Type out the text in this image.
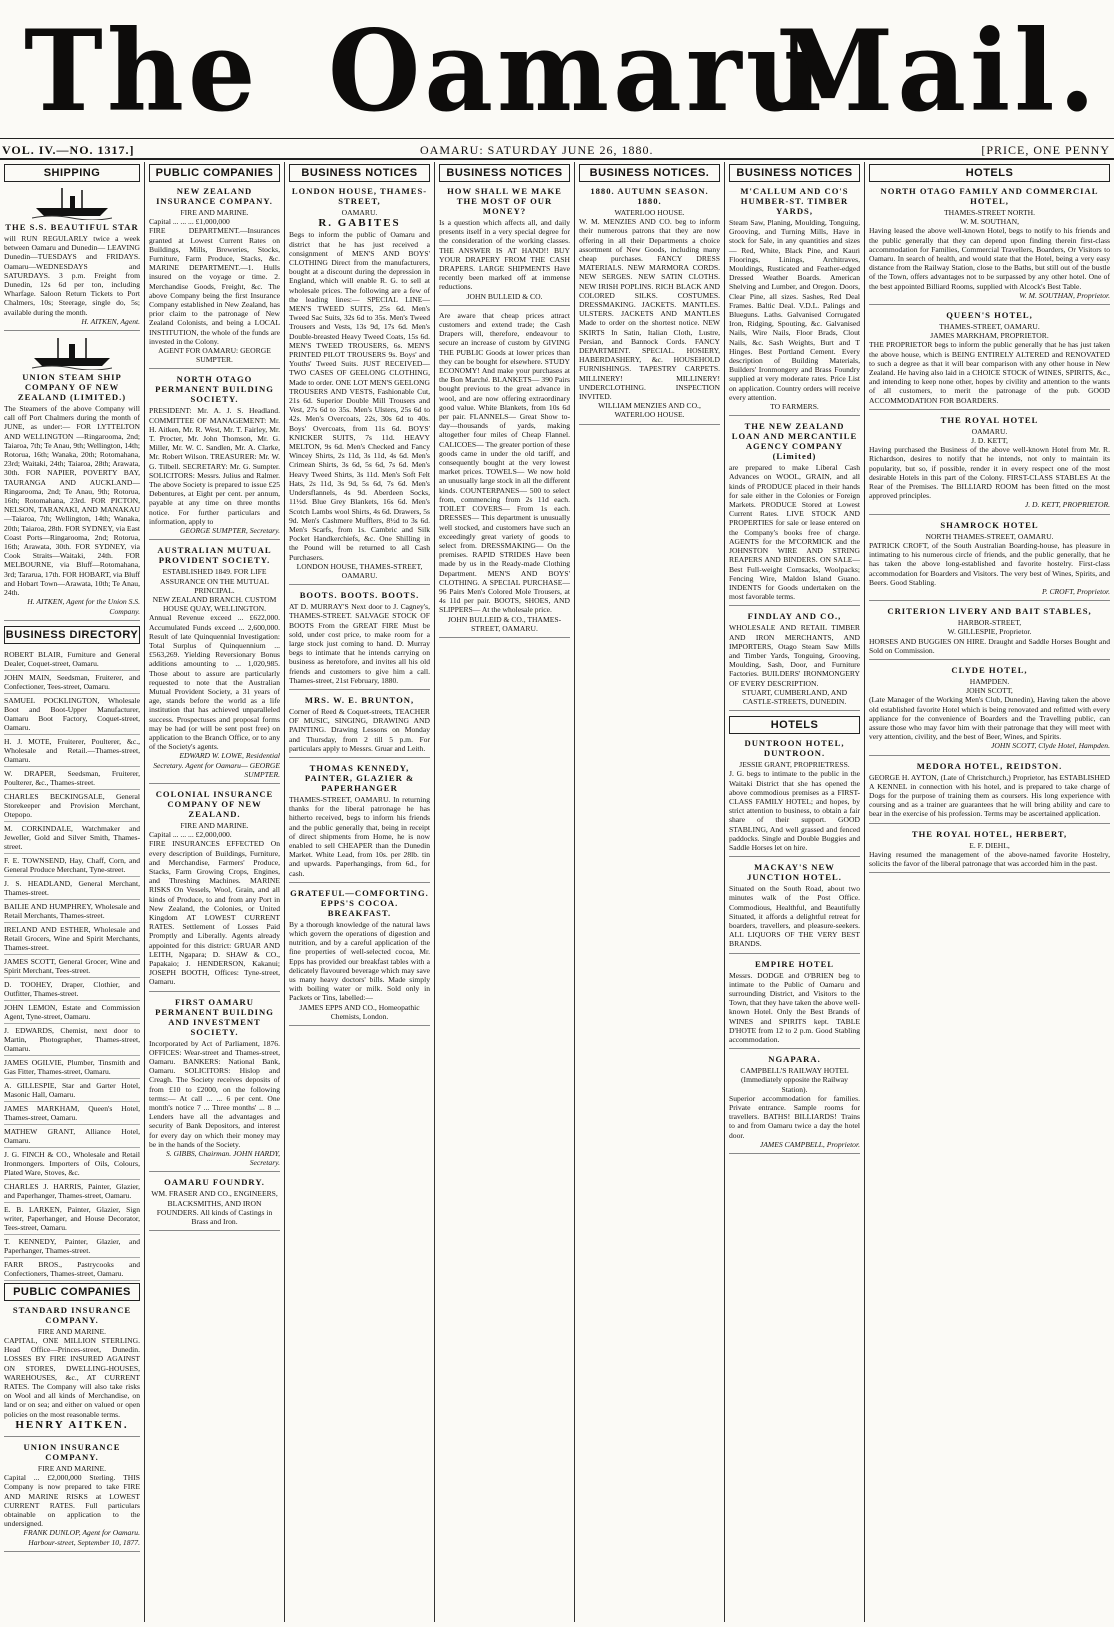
The Oamaru
Mail.
VOL. IV.—NO. 1317.]	OAMARU: SATURDAY JUNE 26, 1880.	[PRICE, ONE PENNY
SHIPPING
THE S.S. BEAUTIFUL STAR

will RUN REGULARLY twice a week between Oamaru and Dunedin— LEAVING Dunedin—TUESDAYS and FRIDAYS. Oamaru—WEDNESDAYS and SATURDAYS. 3 p.m. Freight from Dunedin, 12s 6d per ton, including Wharfage. Saloon Return Tickets to Port Chalmers, 10s; Steerage, single do, 5s; available during the month.

H. AITKEN, Agent.

UNION STEAM SHIP COMPANY OF NEW ZEALAND (LIMITED.)

The Steamers of the above Company will call off Port Chalmers during the month of JUNE, as under:— FOR LYTTELTON AND WELLINGTON —Ringarooma, 2nd; Taiaroa, 7th; Te Anau, 9th; Wellington, 14th; Rotorua, 16th; Wanaka, 20th; Rotomahana, 23rd; Waitaki, 24th; Taiaroa, 28th; Arawata, 30th. FOR NAPIER, POVERTY BAY, TAURANGA AND AUCKLAND—Ringarooma, 2nd; Te Anau, 9th; Rotorua, 16th; Rotomahana, 23rd. FOR PICTON, NELSON, TARANAKI, AND MANAKAU—Taiaroa, 7th; Wellington, 14th; Wanaka, 20th; Taiaroa, 28th. FOR SYDNEY, via East Coast Ports—Ringarooma, 2nd; Rotorua, 16th; Arawata, 30th. FOR SYDNEY, via Cook Straits—Waitaki, 24th. FOR MELBOURNE, via Bluff—Rotomahana, 3rd; Tararua, 17th. FOR HOBART, via Bluff and Hobart Town—Arawata, 10th; Te Anau, 24th.

H. AITKEN, Agent for the Union S.S. Company.

BUSINESS DIRECTORY
ROBERT BLAIR, Furniture and General Dealer, Coquet-street, Oamaru.
JOHN MAIN, Seedsman, Fruiterer, and Confectioner, Tees-street, Oamaru.
SAMUEL POCKLINGTON, Wholesale Boot and Boot-Upper Manufacturer, Oamaru Boot Factory, Coquet-street, Oamaru.
H. J. MOTE, Fruiterer, Poulterer, &c., Wholesale and Retail.—Thames-street, Oamaru.
W. DRAPER, Seedsman, Fruiterer, Poulterer, &c., Thames-street.
CHARLES BECKINGSALE, General Storekeeper and Provision Merchant, Otepopo.
M. CORKINDALE, Watchmaker and Jeweller, Gold and Silver Smith, Thames-street.
F. E. TOWNSEND, Hay, Chaff, Corn, and General Produce Merchant, Tyne-street.
J. S. HEADLAND, General Merchant, Thames-street.
BAILIE AND HUMPHREY, Wholesale and Retail Merchants, Thames-street.
IRELAND AND ESTHER, Wholesale and Retail Grocers, Wine and Spirit Merchants, Thames-street.
JAMES SCOTT, General Grocer, Wine and Spirit Merchant, Tees-street.
D. TOOHEY, Draper, Clothier, and Outfitter, Thames-street.
JOHN LEMON, Estate and Commission Agent, Tyne-street, Oamaru.
J. EDWARDS, Chemist, next door to Martin, Photographer, Thames-street, Oamaru.
JAMES OGILVIE, Plumber, Tinsmith and Gas Fitter, Thames-street, Oamaru.
A. GILLESPIE, Star and Garter Hotel, Masonic Hall, Oamaru.
JAMES MARKHAM, Queen's Hotel, Thames-street, Oamaru.
MATHEW GRANT, Alliance Hotel, Oamaru.
J. G. FINCH & CO., Wholesale and Retail Ironmongers. Importers of Oils, Colours, Plated Ware, Stoves, &c.
CHARLES J. HARRIS, Painter, Glazier, and Paperhanger, Thames-street, Oamaru.
E. B. LARKEN, Painter, Glazier, Sign writer, Paperhanger, and House Decorator, Tees-street, Oamaru.
T. KENNEDY, Painter, Glazier, and Paperhanger, Thames-street.
FARR BROS., Pastrycooks and Confectioners, Thames-street, Oamaru.
PUBLIC COMPANIES
STANDARD INSURANCE COMPANY.

FIRE AND MARINE.

CAPITAL, ONE MILLION STERLING. Head Office—Princes-street, Dunedin. LOSSES BY FIRE INSURED AGAINST ON STORES, DWELLING-HOUSES, WAREHOUSES, &c., AT CURRENT RATES. The Company will also take risks on Wool and all kinds of Merchandise, on land or on sea; and either on valued or open policies on the most reasonable terms.

HENRY AITKEN.

UNION INSURANCE COMPANY.

FIRE AND MARINE.

Capital ... £2,000,000 Sterling. THIS Company is now prepared to take FIRE AND MARINE RISKS at LOWEST CURRENT RATES. Full particulars obtainable on application to the undersigned.

FRANK DUNLOP, Agent for Oamaru. Harbour-street, September 10, 1877.

PUBLIC COMPANIES
NEW ZEALAND INSURANCE COMPANY.

FIRE AND MARINE.

Capital ... ... ... £1,000,000

FIRE DEPARTMENT.—Insurances granted at Lowest Current Rates on Buildings, Mills, Breweries, Stocks, Furniture, Farm Produce, Stacks, &c. MARINE DEPARTMENT.—1. Hulls insured on the voyage or time. 2. Merchandise Goods, Freight, &c. The above Company being the first Insurance Company established in New Zealand, has prior claim to the patronage of New Zealand Colonists, and being a LOCAL INSTITUTION, the whole of the funds are invested in the Colony.

AGENT FOR OAMARU: GEORGE SUMPTER.

NORTH OTAGO PERMANENT BUILDING SOCIETY.

PRESIDENT: Mr. A. J. S. Headland. COMMITTEE OF MANAGEMENT: Mr. H. Aitken, Mr. R. West, Mr. T. Fairley, Mr. T. Procter, Mr. John Thomson, Mr. G. Miller, Mr. W. C. Sandlen, Mr. A. Clarke, Mr. Robert Wilson. TREASURER: Mr. W. G. Tilbell. SECRETARY: Mr. G. Sumpter. SOLICITORS: Messrs. Julius and Ralmer. The above Society is prepared to issue £25 Debentures, at Eight per cent. per annum, payable at any time on three months notice. For further particulars and information, apply to

GEORGE SUMPTER, Secretary.

AUSTRALIAN MUTUAL PROVIDENT SOCIETY.

ESTABLISHED 1849. FOR LIFE ASSURANCE ON THE MUTUAL PRINCIPAL.

NEW ZEALAND BRANCH. CUSTOM HOUSE QUAY, WELLINGTON.

Annual Revenue exceed ... £622,000. Accumulated Funds exceed ... 2,600,000. Result of late Quinquennial Investigation: Total Surplus of Quinquennium ... £563,269. Yielding Reversionary Bonus additions amounting to ... 1,020,985. Those about to assure are particularly requested to note that the Australian Mutual Provident Society, a 31 years of age, stands before the world as a life institution that has achieved unparalleled success. Prospectuses and proposal forms may be had (or will be sent post free) on application to the Branch Office, or to any of the Society's agents.

EDWARD W. LOWE, Residential Secretary. Agent for Oamaru— GEORGE SUMPTER.

COLONIAL INSURANCE COMPANY OF NEW ZEALAND.

FIRE AND MARINE.

Capital ... ... ... £2,000,000.

FIRE INSURANCES EFFECTED On every description of Buildings, Furniture, and Merchandise, Farmers' Produce, Stacks, Farm Growing Crops, Engines, and Threshing Machines. MARINE RISKS On Vessels, Wool, Grain, and all kinds of Produce, to and from any Port in New Zealand, the Colonies, or United Kingdom AT LOWEST CURRENT RATES. Settlement of Losses Paid Promptly and Liberally. Agents already appointed for this district: GRUAR AND LEITH, Ngapara; D. SHAW & CO., Papakaio; J. HENDERSON, Kakanui; JOSEPH BOOTH, Offices: Tyne-street, Oamaru.

FIRST OAMARU PERMANENT BUILDING AND INVESTMENT SOCIETY.

Incorporated by Act of Parliament, 1876. OFFICES: Wear-street and Thames-street, Oamaru. BANKERS: National Bank, Oamaru. SOLICITORS: Hislop and Creagh. The Society receives deposits of from £10 to £2000, on the following terms:— At call ... ... 6 per cent. One month's notice 7 ... Three months' ... 8 ... Lenders have all the advantages and security of Bank Depositors, and interest for every day on which their money may be in the hands of the Society.

S. GIBBS, Chairman. JOHN HARDY, Secretary.

OAMARU FOUNDRY.

WM. FRASER AND CO., ENGINEERS, BLACKSMITHS, AND IRON FOUNDERS. All kinds of Castings in Brass and Iron.

BUSINESS NOTICES
LONDON HOUSE, THAMES-STREET,

OAMARU.

R. GABITES

Begs to inform the public of Oamaru and district that he has just received a consignment of MEN'S AND BOYS' CLOTHING Direct from the manufacturers, bought at a discount during the depression in England, which will enable R. G. to sell at wholesale prices. The following are a few of the leading lines:— SPECIAL LINE— MEN'S TWEED SUITS, 25s 6d. Men's Tweed Sac Suits, 32s 6d to 35s. Men's Tweed Trousers and Vests, 13s 9d, 17s 6d. Men's Double-breasted Heavy Tweed Coats, 15s 6d. MEN'S TWEED TROUSERS, 6s. MEN'S PRINTED PILOT TROUSERS 9s. Boys' and Youths' Tweed Suits. JUST RECEIVED— TWO CASES OF GEELONG CLOTHING, Made to order. ONE LOT MEN'S GEELONG TROUSERS AND VESTS, Fashionable Cut, 21s 6d. Superior Double Mill Trousers and Vest, 27s 6d to 35s. Men's Ulsters, 25s 6d to 42s. Men's Overcoats, 22s, 30s 6d to 40s. Boys' Overcoats, from 11s 6d. BOYS' KNICKER SUITS, 7s 11d. HEAVY MELTON, 9s 6d. Men's Checked and Fancy Wincey Shirts, 2s 11d, 3s 11d, 4s 6d. Men's Crimean Shirts, 3s 6d, 5s 6d, 7s 6d. Men's Heavy Tweed Shirts, 3s 11d. Men's Soft Felt Hats, 2s 11d, 3s 9d, 5s 6d, 7s 6d. Men's Undersflannels, 4s 9d. Aberdeen Socks, 11½d. Blue Grey Blankets, 16s 6d. Men's Scotch Lambs wool Shirts, 4s 6d. Drawers, 5s 9d. Men's Cashmere Mufflers, 8½d to 3s 6d. Men's Scarfs, from 1s. Cambric and Silk Pocket Handkerchiefs, &c. One Shilling in the Pound will be returned to all Cash Purchasers.

LONDON HOUSE, THAMES-STREET, OAMARU.

BOOTS. BOOTS. BOOTS.

AT D. MURRAY'S Next door to J. Cagney's, THAMES-STREET. SALVAGE STOCK OF BOOTS From the GREAT FIRE Must be sold, under cost price, to make room for a large stock just coming to hand. D. Murray begs to intimate that he intends carrying on business as heretofore, and invites all his old friends and customers to give him a call. Thames-street, 21st February, 1880.

MRS. W. E. BRUNTON,

Corner of Reed & Coquet-streets, TEACHER OF MUSIC, SINGING, DRAWING AND PAINTING. Drawing Lessons on Monday and Thursday, from 2 till 5 p.m. For particulars apply to Messrs. Gruar and Leith.

THOMAS KENNEDY, PAINTER, GLAZIER & PAPERHANGER

THAMES-STREET, OAMARU. In returning thanks for the liberal patronage he has hitherto received, begs to inform his friends and the public generally that, being in receipt of direct shipments from Home, he is now enabled to sell CHEAPER than the Dunedin Market. White Lead, from 10s. per 28lb. tin and upwards. Paperhangings, from 6d., for cash.

GRATEFUL—COMFORTING. EPPS'S COCOA. BREAKFAST.

By a thorough knowledge of the natural laws which govern the operations of digestion and nutrition, and by a careful application of the fine properties of well-selected cocoa, Mr. Epps has provided our breakfast tables with a delicately flavoured beverage which may save us many heavy doctors' bills. Made simply with boiling water or milk. Sold only in Packets or Tins, labelled:—

JAMES EPPS AND CO., Homeopathic Chemists, London.

BUSINESS NOTICES
HOW SHALL WE MAKE THE MOST OF OUR MONEY?

Is a question which affects all, and daily presents itself in a very special degree for the consideration of the working classes. THE ANSWER IS AT HAND!! BUY YOUR DRAPERY FROM THE CASH DRAPERS. LARGE SHIPMENTS Have recently been marked off at immense reductions.

JOHN BULLEID & CO.

Are aware that cheap prices attract customers and extend trade; the Cash Drapers will, therefore, endeavour to secure an increase of custom by GIVING THE PUBLIC Goods at lower prices than they can be bought for elsewhere. STUDY ECONOMY! And make your purchases at the Bon Marché. BLANKETS— 390 Pairs bought previous to the great advance in wool, and are now offering extraordinary good value. White Blankets, from 10s 6d per pair. FLANNELS— Great Show to-day—thousands of yards, making altogether four miles of Cheap Flannel. CALICOES— The greater portion of these goods came in under the old tariff, and consequently bought at the very lowest market prices. TOWELS— We now hold an unusually large stock in all the different kinds. COUNTERPANES— 500 to select from, commencing from 2s 11d each. TOILET COVERS— From 1s each. DRESSES— This department is unusually well stocked, and customers have such an exceedingly great variety of goods to select from. DRESSMAKING— On the premises. RAPID STRIDES Have been made by us in the Ready-made Clothing Department. MEN'S AND BOYS' CLOTHING. A SPECIAL PURCHASE— 96 Pairs Men's Colored Mole Trousers, at 4s 11d per pair. BOOTS, SHOES, AND SLIPPERS— At the wholesale price.

JOHN BULLEID & CO., THAMES-STREET, OAMARU.

BUSINESS NOTICES.
1880. AUTUMN SEASON. 1880.

WATERLOO HOUSE.

W. M. MENZIES AND CO. beg to inform their numerous patrons that they are now offering in all their Departments a choice assortment of New Goods, including many cheap purchases. FANCY DRESS MATERIALS. NEW MARMORA CORDS. NEW SERGES. NEW SATIN CLOTHS. NEW IRISH POPLINS. RICH BLACK AND COLORED SILKS. COSTUMES. DRESSMAKING. JACKETS. MANTLES. ULSTERS. JACKETS AND MANTLES Made to order on the shortest notice. NEW SKIRTS In Satin, Italian Cloth, Lustre, Persian, and Bannock Cords. FANCY DEPARTMENT. SPECIAL. HOSIERY, HABERDASHERY, &c. HOUSEHOLD FURNISHINGS. TAPESTRY CARPETS. MILLINERY! MILLINERY! UNDERCLOTHING. INSPECTION INVITED.

WILLIAM MENZIES AND CO., WATERLOO HOUSE.

BUSINESS NOTICES
M'CALLUM AND CO'S HUMBER-ST. TIMBER YARDS,

Steam Saw, Planing, Moulding, Tonguing, Grooving, and Turning Mills, Have in stock for Sale, in any quantities and sizes— Red, White, Black Pine, and Kauri Floorings, Linings, Architraves, Mouldings, Rusticated and Feather-edged Dressed Weather Boards. American Shelving and Lumber, and Oregon. Doors, Clear Pine, all sizes. Sashes, Red Deal Frames. Baltic Deal. V.D.L. Palings and Blueguns. Laths. Galvanised Corrugated Iron, Ridging, Spouting, &c. Galvanised Nails, Wire Nails, Floor Brads, Clout Nails, &c. Sash Weights, Burt and T Hinges. Best Portland Cement. Every description of Building Materials, Builders' Ironmongery and Brass Foundry supplied at very moderate rates. Price List on application. Country orders will receive every attention.

TO FARMERS.

THE NEW ZEALAND LOAN AND MERCANTILE AGENCY COMPANY (Limited)

are prepared to make Liberal Cash Advances on WOOL, GRAIN, and all kinds of PRODUCE placed in their hands for sale either in the Colonies or Foreign Markets. PRODUCE Stored at Lowest Current Rates. LIVE STOCK AND PROPERTIES for sale or lease entered on the Company's books free of charge. AGENTS for the M'CORMICK and the JOHNSTON WIRE AND STRING REAPERS AND BINDERS. ON SALE—Best Full-weight Cornsacks, Woolpacks; Fencing Wire, Maldon Island Guano. INDENTS for Goods undertaken on the most favorable terms.

FINDLAY AND CO.,

WHOLESALE AND RETAIL TIMBER AND IRON MERCHANTS, AND IMPORTERS, Otago Steam Saw Mills and Timber Yards, Tonguing, Grooving, Moulding, Sash, Door, and Furniture Factories. BUILDERS' IRONMONGERY OF EVERY DESCRIPTION.

STUART, CUMBERLAND, AND CASTLE-STREETS, DUNEDIN.

HOTELS
DUNTROON HOTEL, DUNTROON.

JESSIE GRANT, PROPRIETRESS.

J. G. begs to intimate to the public in the Waitaki District that she has opened the above commodious premises as a FIRST-CLASS FAMILY HOTEL; and hopes, by strict attention to business, to obtain a fair share of their support. GOOD STABLING, And well grassed and fenced paddocks. Single and Double Buggies and Saddle Horses let on hire.

MACKAY'S NEW JUNCTION HOTEL.

Situated on the South Road, about two minutes walk of the Post Office. Commodious, Healthful, and Beautifully Situated, it affords a delightful retreat for boarders, travellers, and pleasure-seekers. ALL LIQUORS OF THE VERY BEST BRANDS.

EMPIRE HOTEL

Messrs. DODGE and O'BRIEN beg to intimate to the Public of Oamaru and surrounding District, and Visitors to the Town, that they have taken the above well-known Hotel. Only the Best Brands of WINES and SPIRITS kept. TABLE D'HOTE from 12 to 2 p.m. Good Stabling accommodation.

NGAPARA.

CAMPBELL'S RAILWAY HOTEL (Immediately opposite the Railway Station).

Superior accommodation for families. Private entrance. Sample rooms for travellers. BATHS! BILLIARDS! Trains to and from Oamaru twice a day the hotel door.

JAMES CAMPBELL, Proprietor.

HOTELS
NORTH OTAGO FAMILY AND COMMERCIAL HOTEL,

THAMES-STREET NORTH.

W. M. SOUTHAN,

Having leased the above well-known Hotel, begs to notify to his friends and the public generally that they can depend upon finding therein first-class accommodation for Families, Commercial Travellers, Boarders, Or Visitors to Oamaru. In search of health, and would state that the Hotel, being a very easy distance from the Railway Station, close to the Baths, but still out of the bustle of the Town, offers advantages not to be surpassed by any other hotel. One of the best appointed Billiard Rooms, supplied with Alcock's Best Table.

W. M. SOUTHAN, Proprietor.

QUEEN'S HOTEL,

THAMES-STREET, OAMARU.

JAMES MARKHAM, PROPRIETOR.

THE PROPRIETOR begs to inform the public generally that he has just taken the above house, which is BEING ENTIRELY ALTERED and RENOVATED to such a degree as that it will bear comparison with any other house in New Zealand. He having also laid in a CHOICE STOCK of WINES, SPIRITS, &c., and intending to keep none other, hopes by civility and attention to the wants of all customers, to merit the patronage of the pub. GOOD ACCOMMODATION FOR BOARDERS.

THE ROYAL HOTEL

OAMARU.

J. D. KETT,

Having purchased the Business of the above well-known Hotel from Mr. R. Richardson, desires to notify that he intends, not only to maintain its popularity, but so, if possible, render it in every respect one of the most desirable Hotels in this part of the Colony. FIRST-CLASS STABLES At the Rear of the Premises. The BILLIARD ROOM has been fitted on the most approved principles.

J. D. KETT, PROPRIETOR.

SHAMROCK HOTEL

NORTH THAMES-STREET, OAMARU.

PATRICK CROFT, of the South Australian Boarding-house, has pleasure in intimating to his numerous circle of friends, and the public generally, that he has taken the above long-established and favorite hostelry. First-class accommodation for Boarders and Visitors. The very best of Wines, Spirits, and Beers. Good Stabling.

P. CROFT, Proprietor.

CRITERION LIVERY AND BAIT STABLES,

HARBOR-STREET,

W. GILLESPIE, Proprietor.

HORSES AND BUGGIES ON HIRE. Draught and Saddle Horses Bought and Sold on Commission.

CLYDE HOTEL,

HAMPDEN.

JOHN SCOTT,

(Late Manager of the Working Men's Club, Dunedin), Having taken the above old established favorite Hotel which is being renovated and refitted with every appliance for the convenience of Boarders and the Travelling public, can assure those who may favor him with their patronage that they will meet with very attention, civility, and the best of Beer, Wines, and Spirits.

JOHN SCOTT, Clyde Hotel, Hampden.

MEDORA HOTEL, REIDSTON.

GEORGE H. AYTON, (Late of Christchurch,) Proprietor, has ESTABLISHED A KENNEL in connection with his hotel, and is prepared to take charge of Dogs for the purpose of training them as coursers. His long experience with coursing and as a trainer are guarantees that he will bring ability and care to bear in the exercise of his profession. Terms may be ascertained application.

THE ROYAL HOTEL, HERBERT,

E. F. DIEHL,

Having resumed the management of the above-named favorite Hostelry, solicits the favor of the liberal patronage that was accorded him in the past.
